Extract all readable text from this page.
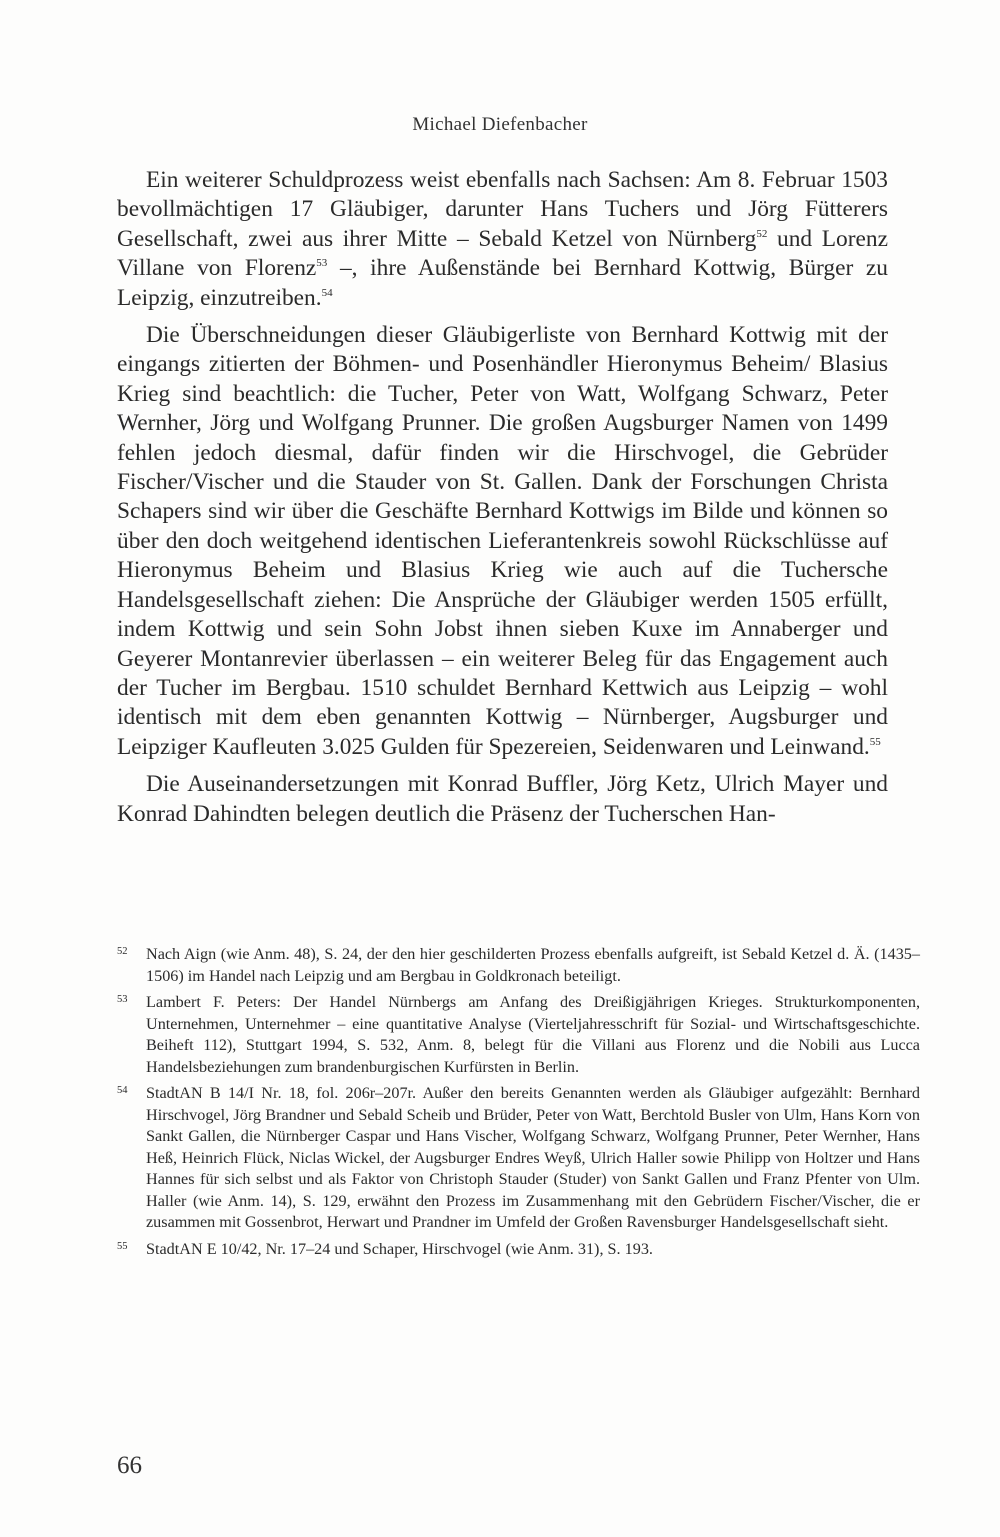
Michael Diefenbacher

Ein weiterer Schuldprozess weist ebenfalls nach Sachsen: Am 8. Februar 1503 bevollmächtigen 17 Gläubiger, darunter Hans Tuchers und Jörg Fütterers Gesellschaft, zwei aus ihrer Mitte – Sebald Ketzel von Nürnberg$^{52}$ und Lorenz Villane von Florenz$^{53}$ –, ihre Außenstände bei Bernhard Kottwig, Bürger zu Leipzig, einzutreiben.$^{54}$

Die Überschneidungen dieser Gläubigerliste von Bernhard Kottwig mit der eingangs zitierten der Böhmen- und Posenhändler Hieronymus Beheim/ Blasius Krieg sind beachtlich: die Tucher, Peter von Watt, Wolfgang Schwarz, Peter Wernher, Jörg und Wolfgang Prunner. Die großen Augsburger Namen von 1499 fehlen jedoch diesmal, dafür finden wir die Hirschvogel, die Gebrüder Fischer/Vischer und die Stauder von St. Gallen. Dank der Forschungen Christa Schapers sind wir über die Geschäfte Bernhard Kottwigs im Bilde und können so über den doch weitgehend identischen Lieferantenkreis sowohl Rückschlüsse auf Hieronymus Beheim und Blasius Krieg wie auch auf die Tuchersche Handelsgesellschaft ziehen: Die Ansprüche der Gläubiger werden 1505 erfüllt, indem Kottwig und sein Sohn Jobst ihnen sieben Kuxe im Annaberger und Geyerer Montanrevier überlassen – ein weiterer Beleg für das Engagement auch der Tucher im Bergbau. 1510 schuldet Bernhard Kettwich aus Leipzig – wohl identisch mit dem eben genannten Kottwig – Nürnberger, Augsburger und Leipziger Kaufleuten 3.025 Gulden für Spezereien, Seidenwaren und Leinwand.$^{55}$

Die Auseinandersetzungen mit Konrad Buffler, Jörg Ketz, Ulrich Mayer und Konrad Dahindten belegen deutlich die Präsenz der Tucherschen Han-

52 Nach Aign (wie Anm. 48), S. 24, der den hier geschilderten Prozess ebenfalls aufgreift, ist Sebald Ketzel d. Ä. (1435–1506) im Handel nach Leipzig und am Bergbau in Goldkronach beteiligt.
53 Lambert F. Peters: Der Handel Nürnbergs am Anfang des Dreißigjährigen Krieges. Strukturkomponenten, Unternehmen, Unternehmer – eine quantitative Analyse (Vierteljahresschrift für Sozial- und Wirtschaftsgeschichte. Beiheft 112), Stuttgart 1994, S. 532, Anm. 8, belegt für die Villani aus Florenz und die Nobili aus Lucca Handelsbeziehungen zum brandenburgischen Kurfürsten in Berlin.
54 StadtAN B 14/I Nr. 18, fol. 206r–207r. Außer den bereits Genannten werden als Gläubiger aufgezählt: Bernhard Hirschvogel, Jörg Brandner und Sebald Scheib und Brüder, Peter von Watt, Berchtold Busler von Ulm, Hans Korn von Sankt Gallen, die Nürnberger Caspar und Hans Vischer, Wolfgang Schwarz, Wolfgang Prunner, Peter Wernher, Hans Heß, Heinrich Flück, Niclas Wickel, der Augsburger Endres Weyß, Ulrich Haller sowie Philipp von Holtzer und Hans Hannes für sich selbst und als Faktor von Christoph Stauder (Studer) von Sankt Gallen und Franz Pfenter von Ulm. Haller (wie Anm. 14), S. 129, erwähnt den Prozess im Zusammenhang mit den Gebrüdern Fischer/Vischer, die er zusammen mit Gossenbrot, Herwart und Prandner im Umfeld der Großen Ravensburger Handelsgesellschaft sieht.
55 StadtAN E 10/42, Nr. 17–24 und Schaper, Hirschvogel (wie Anm. 31), S. 193.
66
